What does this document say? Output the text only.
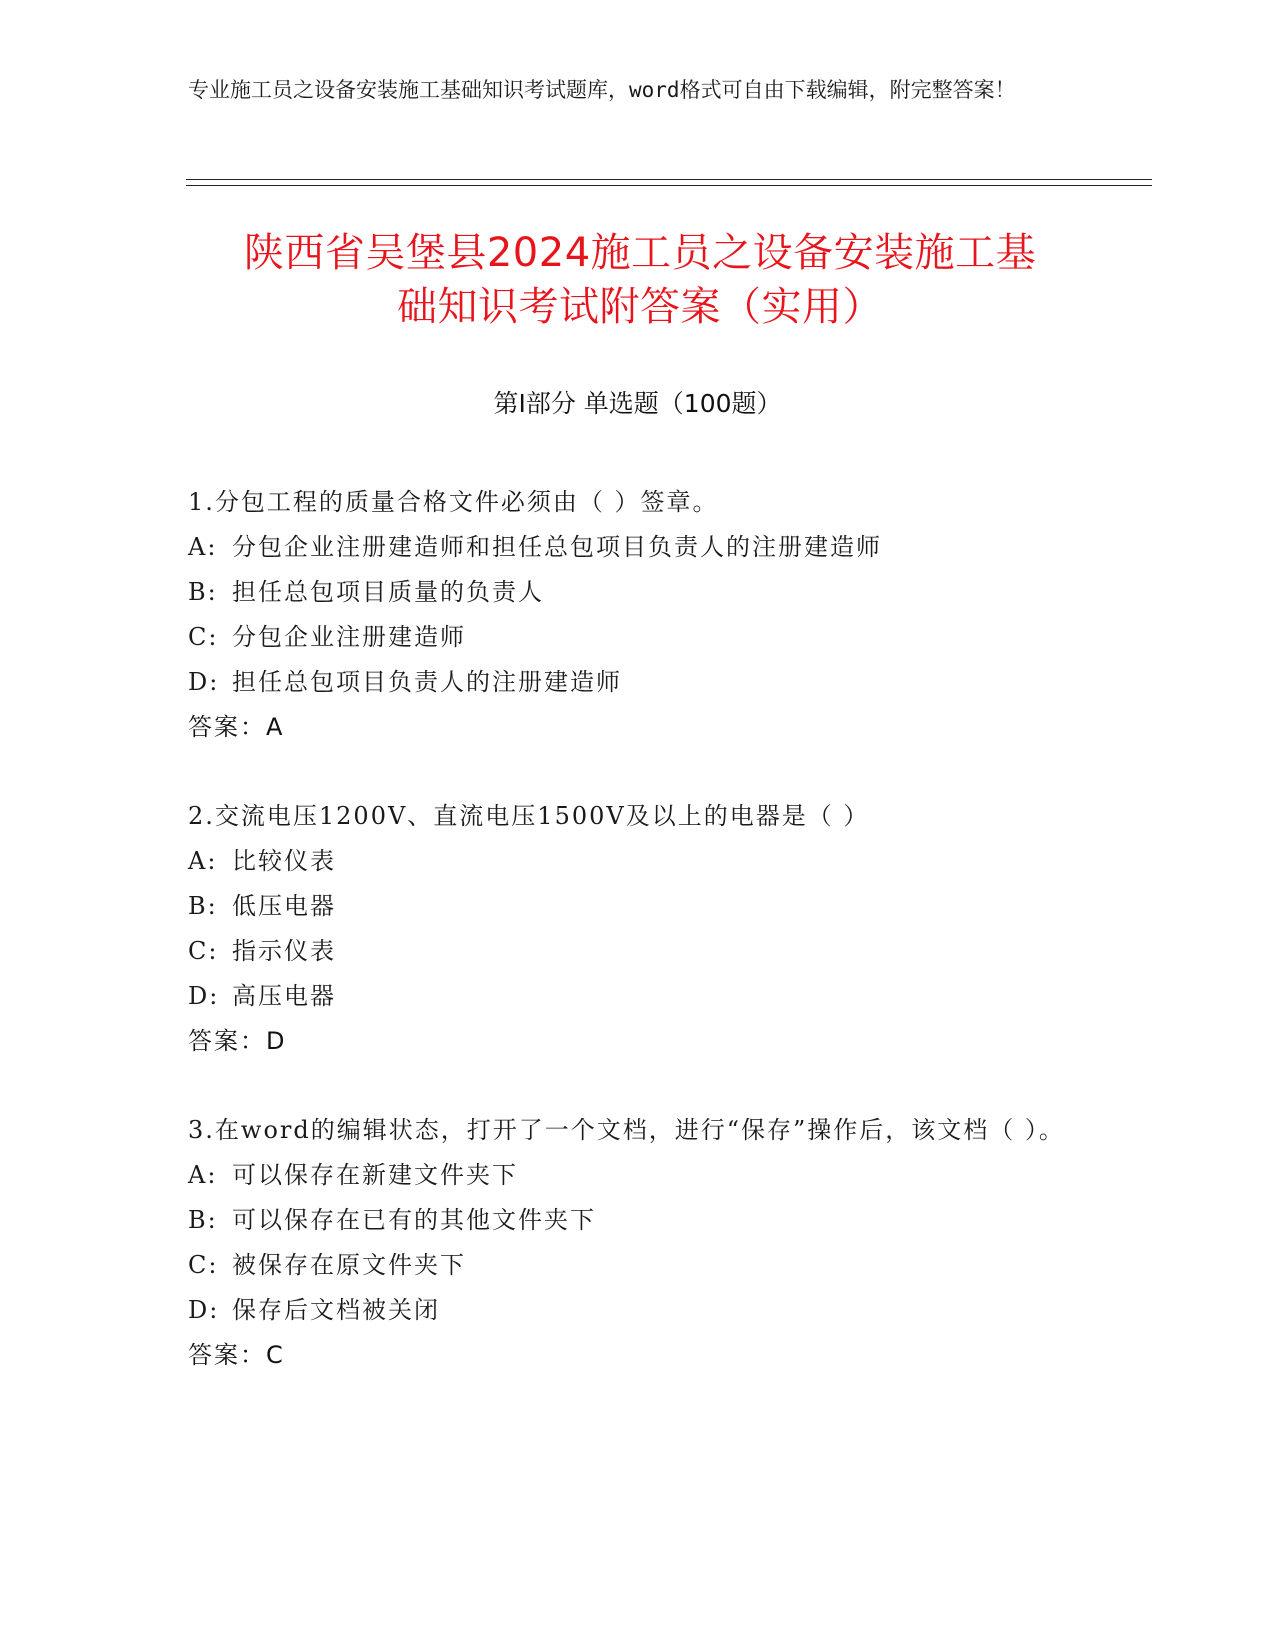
专业施工员之设备安装施工基础知识考试题库，word格式可自由下载编辑，附完整答案！
陕西省吴堡县2024施工员之设备安装施工基
础知识考试附答案（实用）
第I部分 单选题（100题）
1.分包工程的质量合格文件必须由（ ）签章。
A: 分包企业注册建造师和担任总包项目负责人的注册建造师
B: 担任总包项目质量的负责人
C: 分包企业注册建造师
D: 担任总包项目负责人的注册建造师
答案：A
2.交流电压1200V、直流电压1500V及以上的电器是（ ）
A: 比较仪表
B: 低压电器
C: 指示仪表
D: 高压电器
答案：D
3.在word的编辑状态，打开了一个文档，进行“保存”操作后，该文档（ ）。
A: 可以保存在新建文件夹下
B: 可以保存在已有的其他文件夹下
C: 被保存在原文件夹下
D: 保存后文档被关闭
答案：C
